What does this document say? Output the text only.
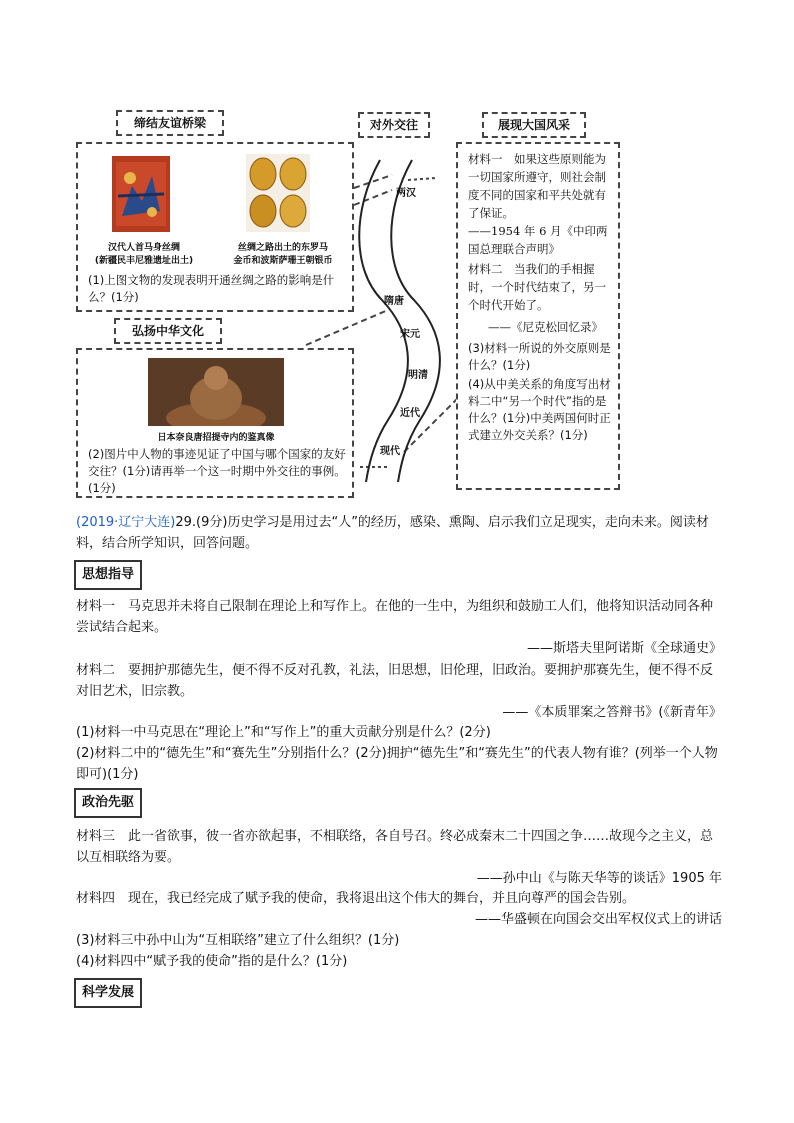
缔结友谊桥梁
汉代人首马身丝绸
(新疆民丰尼雅遗址出土)
丝绸之路出土的东罗马
金币和波斯萨珊王朝银币
(1)上图文物的发现表明开通丝绸之路的影响是什么？(1分)
对外交往
两汉
隋唐
宋元
明清
近代
现代
弘扬中华文化
日本奈良唐招提寺内的鉴真像
(2)图片中人物的事迹见证了中国与哪个国家的友好交往？(1分)请再举一个这一时期中外交往的事例。(1分)
展现大国风采
材料一　如果这些原则能为一切国家所遵守，则社会制度不同的国家和平共处就有了保证。
——1954 年 6 月《中印两国总理联合声明》
材料二　当我们的手相握时，一个时代结束了，另一个时代开始了。
——《尼克松回忆录》
(3)材料一所说的外交原则是什么？(1分)
(4)从中美关系的角度写出材料二中“另一个时代”指的是什么？(1分)中美两国何时正式建立外交关系？(1分)
(2019·辽宁大连)29.(9分)历史学习是用过去“人”的经历，感染、熏陶、启示我们立足现实，走向未来。阅读材料，结合所学知识，回答问题。
思想指导
材料一　马克思并未将自己限制在理论上和写作上。在他的一生中，为组织和鼓励工人们，他将知识活动同各种尝试结合起来。
——斯塔夫里阿诺斯《全球通史》
材料二　要拥护那德先生，便不得不反对孔教，礼法，旧思想，旧伦理，旧政治。要拥护那赛先生，便不得不反对旧艺术，旧宗教。
——《本质罪案之答辩书》(《新青年》
(1)材料一中马克思在“理论上”和“写作上”的重大贡献分别是什么？(2分)
(2)材料二中的“德先生”和“赛先生”分别指什么？(2分)拥护“德先生”和“赛先生”的代表人物有谁？(列举一个人物即可)(1分)
政治先驱
材料三　此一省欲事，彼一省亦欲起事，不相联络，各自号召。终必成秦末二十四国之争……故现今之主义，总以互相联络为要。
——孙中山《与陈天华等的谈话》1905 年
材料四　现在，我已经完成了赋予我的使命，我将退出这个伟大的舞台，并且向尊严的国会告别。
——华盛顿在向国会交出军权仪式上的讲话
(3)材料三中孙中山为“互相联络”建立了什么组织？(1分)
(4)材料四中“赋予我的使命”指的是什么？(1分)
科学发展
